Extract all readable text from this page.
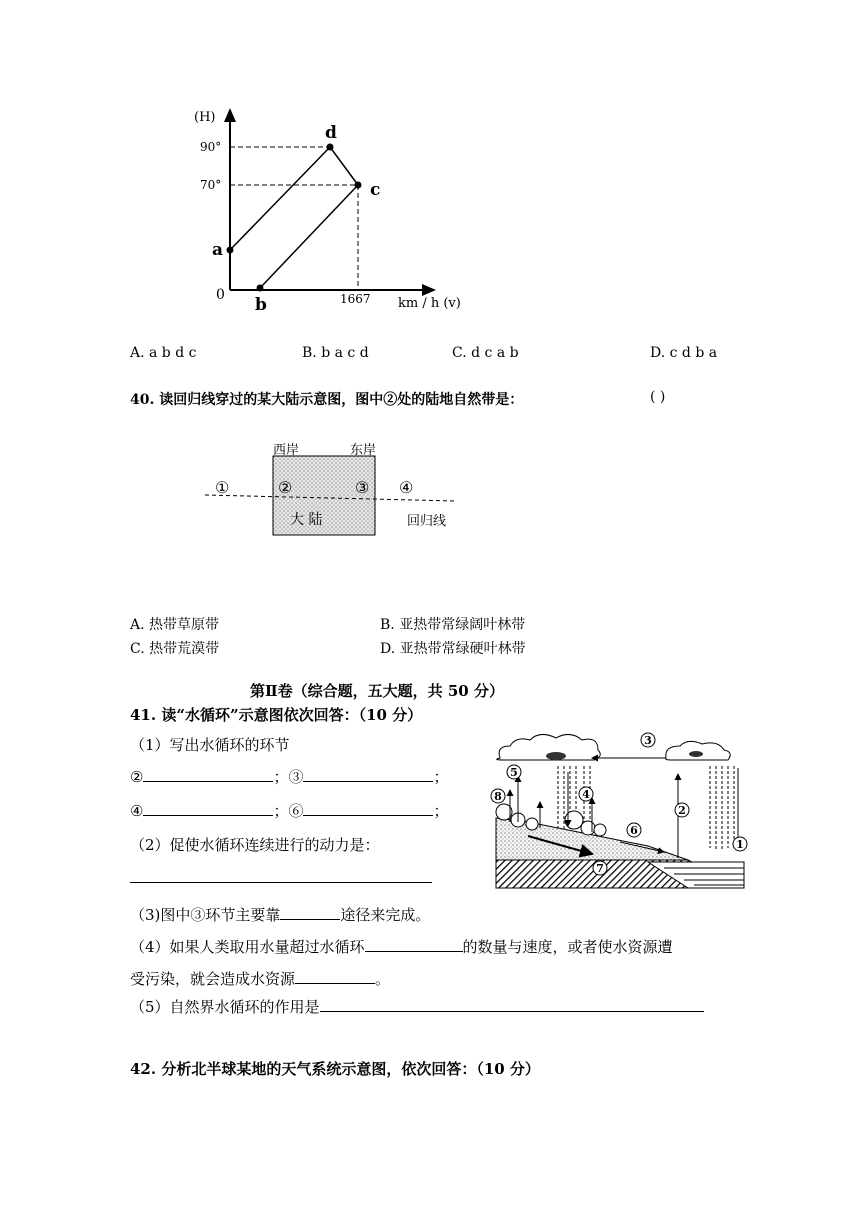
(H)
90°
70°
0	1667 km / h (v)
a
b
c
d
A. a b d c	B. b a c d	C. d c a b	D. c d b a
40. 读回归线穿过的某大陆示意图，图中②处的陆地自然带是：	( )
西岸	东岸
①	②	③ ④
大 陆	回归线
A. 热带草原带	B. 亚热带常绿阔叶林带
C. 热带荒漠带	D. 亚热带常绿硬叶林带
第Ⅱ卷（综合题，五大题，共 50 分）
41. 读“水循环”示意图依次回答：（10 分）
（1）写出水循环的环节
②	；③	；
④	；⑥	；
（2）促使水循环连续进行的动力是：
（3)图中③环节主要靠	途径来完成。
（4）如果人类取用水量超过水循环	的数量与速度，或者使水资源遭
受污染，就会造成水资源	。
（5）自然界水循环的作用是
3
5
8	4
2
6
1
7
42. 分析北半球某地的天气系统示意图，依次回答：（10 分）
